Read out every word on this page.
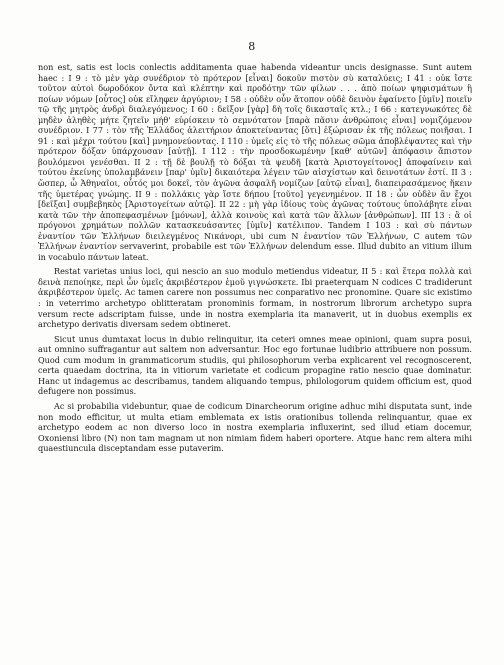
8

non est, satis est locis conlectis additamenta quae habenda videantur uncis designasse. Sunt autem haec : I 9 : τὸ μὲν γὰρ συνέδριον τὸ πρότερον [εἶναι] δοκοῦν πιστὸν σὺ καταλύεις; I 41 : οὐκ ἴστε τοῦτον αὐτοὶ δωροδόκον ὄντα καὶ κλέπτην καὶ προδότην τῶν φίλων . . . ἀπὸ ποίων ψηφισμάτων ἢ ποίων νόμων [οὗτος] οὐκ εἴληφεν ἀργύριον; I 58 : οὐδὲν οὖν ἄτοπον οὐδὲ δεινὸν ἐφαίνετο [ὑμῖν] ποιεῖν τῷ τῆς μητρὸς ἀνδρὶ διαλεγόμενος; I 60 : δεῖξον [γὰρ] δὴ τοῖς δικασταῖς κτλ.; I 66 : κατεγνωκότες δὲ μηδὲν ἀληθὲς μήτε ζητεῖν μήθ' εὑρίσκειν τὸ σεμνότατον [παρὰ πᾶσιν ἀνθρώποις εἶναι] νομιζόμενον συνέδριον. I 77 : τὸν τῆς Ἑλλάδος ἀλειτήριον ἀποκτείναντας [ὅτι] ἐξώρισαν ἐκ τῆς πόλεως ποιῆσαι. I 91 : καὶ μέχρι τούτου [καὶ] μνημονεύοντας. I 110 : ὑμεῖς εἰς τὸ τῆς πόλεως σῶμα ἀποβλέψαντες καὶ τὴν πρότερον δόξαν ὑπάρχουσαν [αὐτῇ]. I 112 : τὴν προσδοκωμένην [καθ' αὐτῶν] ἀπόφασιν ἄπιστον βουλόμενοι γενέσθαι. II 2 : τῇ δὲ βουλῇ τὸ δόξαι τὰ ψευδῆ [κατὰ Ἀριστογείτονος] ἀποφαίνειν καὶ τούτου ἐκείνης ὑπολαμβάνειν [παρ' ὑμῖν] δικαιότερα λέγειν τῶν αἰσχίστων καὶ δεινοτάτων ἐστί. II 3 : ὥσπερ, ὦ Ἀθηναῖοι, οὗτός μοι δοκεῖ, τὸν ἀγῶνα ἀσφαλῆ νομίζων [αὐτῷ εἶναι], διαπειρασάμενος ἥκειν τῆς ὑμετέρας γνώμης. II 9 : πολλάκις γὰρ ἴστε δήπου [τοῦτο] γεγενημένον. II 18 : ὧν οὐδὲν ἂν ἔχοι [δεῖξαι] συμβεβηκὸς [Ἀριστογείτων αὐτῷ]. II 22 : μὴ γὰρ ἰδίους τοὺς ἀγῶνας τούτους ὑπολάβητε εἶναι κατὰ τῶν τὴν ἀποπεφασμένων [μόνων], ἀλλὰ κοινοὺς καὶ κατὰ τῶν ἄλλων [ἀνθρώπων]. III 13 : ἃ οἱ πρόγονοι χρημάτων πολλῶν κατασκευάσαντες [ὑμῖν] κατέλιπον. Tandem I 103 : καὶ σὺ πάντων ἐναντίον τῶν Ἑλλήνων διειλεγμένος Νικάνορι, ubi cum N ἐναντίον τῶν Ἑλλήνων, C autem τῶν Ἑλλήνων ἐναντίον servaverint, probabile est τῶν Ἑλλήνων delendum esse. Illud dubito an vitium illum in vocabulo πάντων lateat.

Restat varietas unius loci, qui nescio an suo modulo metiendus videatur, II 5 : καὶ ἕτερα πολλὰ καὶ δεινὰ πεποίηκε, περὶ ὧν ὑμεῖς ἀκριβέστερον ἐμοῦ γιγνώσκετε. Ibi praeterquam N codices C tradiderunt ἀκριβέστερον ὑμεῖς. Ac tamen carere non possumus nec conparativo nec pronomine. Quare sic existimo : in veterrimo archetypo oblitteratam pronominis formam, in nostrorum librorum archetypo supra versum recte adscriptam fuisse, unde in nostra exemplaria ita manaverit, ut in duobus exemplis ex archetypo derivatis diversam sedem obtineret.

Sicut unus dumtaxat locus in dubio relinquitur, ita ceteri omnes meae opinioni, quam supra posui, aut omnino suffragantur aut saltem non adversantur. Hoc ego fortunae ludibrio attribuere non possum. Quod cum modum in grammaticorum studiis, qui philosophorum verba explicarent vel recognoscerent, certa quaedam doctrina, ita in vitiorum varietate et codicum propagine ratio nescio quae dominatur. Hanc ut indagemus ac describamus, tandem aliquando tempus, philologorum quidem officium est, quod defugere non possimus.

Ac si probabilia videbuntur, quae de codicum Dinarcheorum origine adhuc mihi disputata sunt, inde non modo efficitur, ut multa etiam emblemata ex istis orationibus tollenda relinquantur, quae ex archetypo eodem ac non diverso loco in nostra exemplaria influxerint, sed illud etiam docemur, Oxoniensi libro (N) non tam magnam ut non nimiam fidem haberi oportere. Atque hanc rem altera mihi quaestiuncula disceptandam esse putaverim.
